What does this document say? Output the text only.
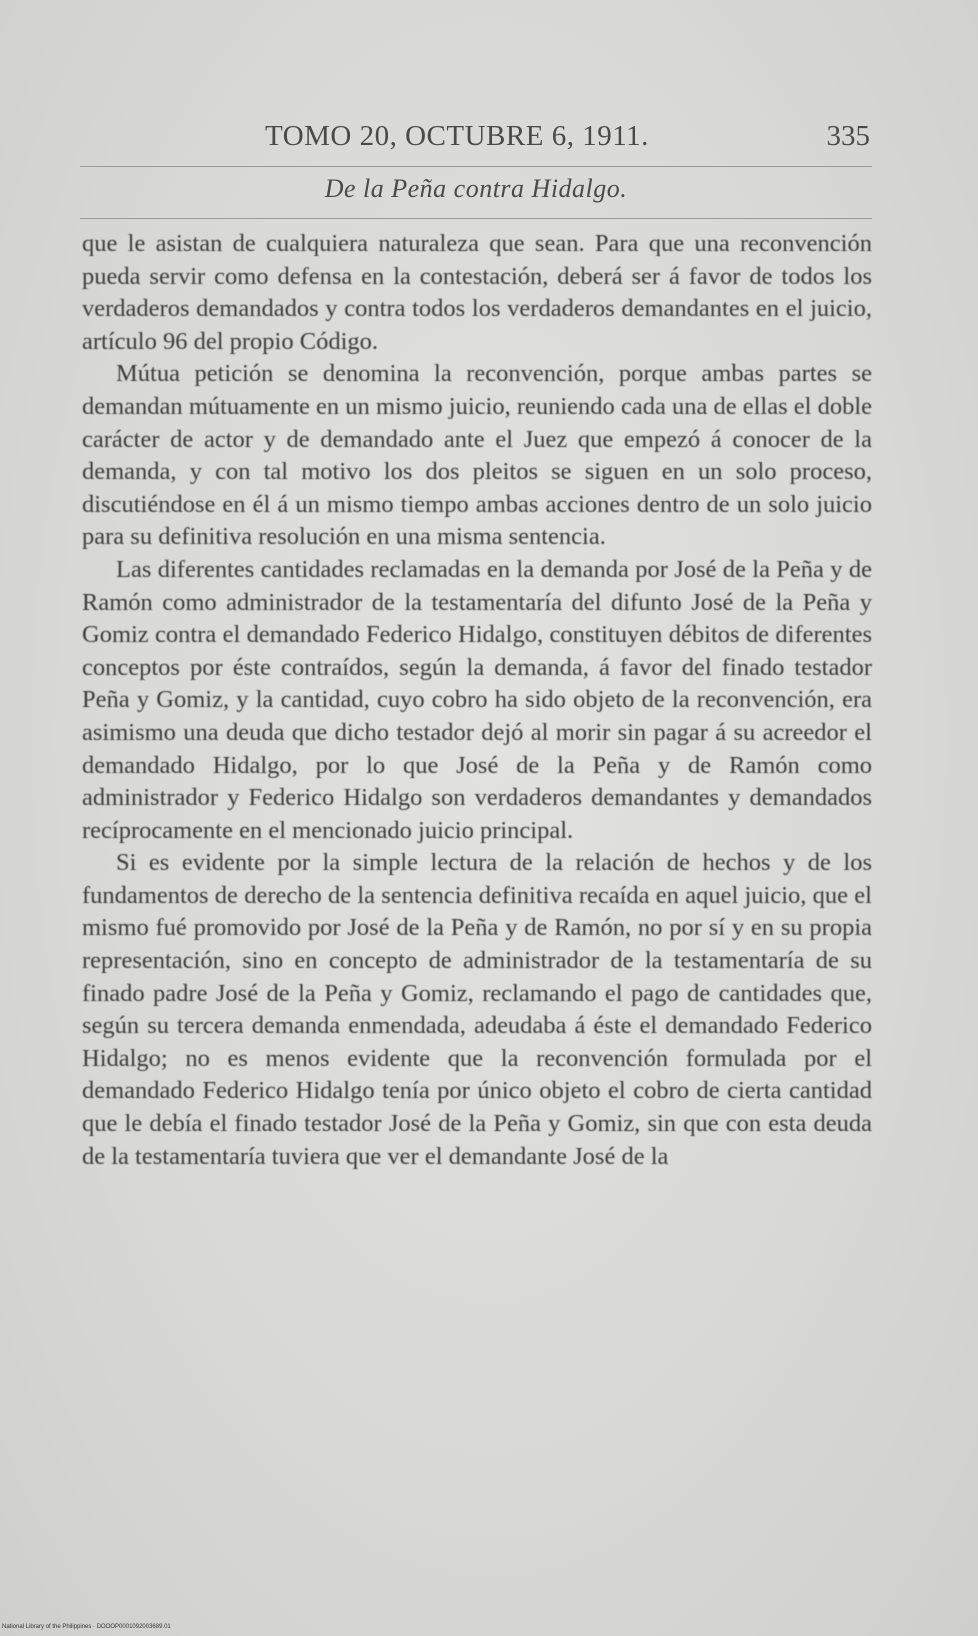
TOMO 20, OCTUBRE 6, 1911.	335
De la Peña contra Hidalgo.

que le asistan de cualquiera naturaleza que sean. Para que una reconvención pueda servir como defensa en la contestación, deberá ser á favor de todos los verdaderos demandados y contra todos los verdaderos demandantes en el juicio, artículo 96 del propio Código.

Mútua petición se denomina la reconvención, porque ambas partes se demandan mútuamente en un mismo juicio, reuniendo cada una de ellas el doble carácter de actor y de demandado ante el Juez que empezó á conocer de la demanda, y con tal motivo los dos pleitos se siguen en un solo proceso, discutiéndose en él á un mismo tiempo ambas acciones dentro de un solo juicio para su definitiva resolución en una misma sentencia.

Las diferentes cantidades reclamadas en la demanda por José de la Peña y de Ramón como administrador de la testamentaría del difunto José de la Peña y Gomiz contra el demandado Federico Hidalgo, constituyen débitos de diferentes conceptos por éste contraídos, según la demanda, á favor del finado testador Peña y Gomiz, y la cantidad, cuyo cobro ha sido objeto de la reconvención, era asimismo una deuda que dicho testador dejó al morir sin pagar á su acreedor el demandado Hidalgo, por lo que José de la Peña y de Ramón como administrador y Federico Hidalgo son verdaderos demandantes y demandados recíprocamente en el mencionado juicio principal.

Si es evidente por la simple lectura de la relación de hechos y de los fundamentos de derecho de la sentencia definitiva recaída en aquel juicio, que el mismo fué promovido por José de la Peña y de Ramón, no por sí y en su propia representación, sino en concepto de administrador de la testamentaría de su finado padre José de la Peña y Gomiz, reclamando el pago de cantidades que, según su tercera demanda enmendada, adeudaba á éste el demandado Federico Hidalgo; no es menos evidente que la reconvención formulada por el demandado Federico Hidalgo tenía por único objeto el cobro de cierta cantidad que le debía el finado testador José de la Peña y Gomiz, sin que con esta deuda de la testamentaría tuviera que ver el demandante José de la

National Library of the Philippines · DOOOP0001092003689.01
